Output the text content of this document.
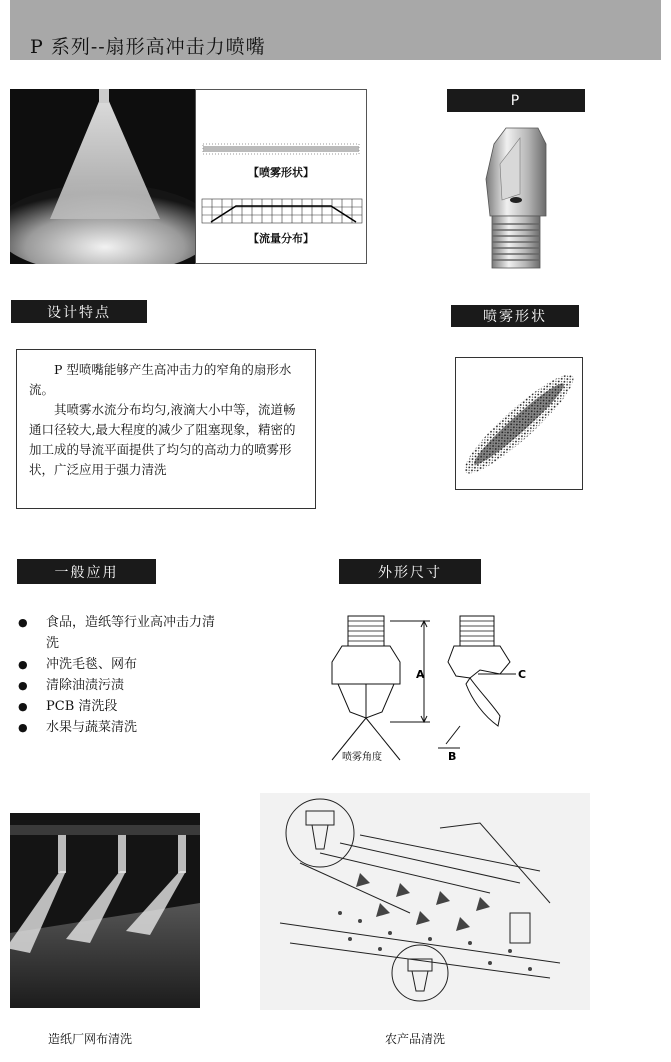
P 系列--扇形高冲击力喷嘴
【喷雾形状】
【流量分布】
P
设计特点

P 型喷嘴能够产生高冲击力的窄角的扇形水流。

其喷雾水流分布均匀,液滴大小中等，流道畅通口径较大,最大程度的减少了阻塞现象，精密的加工成的导流平面提供了均匀的高动力的喷雾形状，广泛应用于强力清洗

喷雾形状
一般应用
● 食品，造纸等行业高冲击力清洗
● 冲洗毛毯、网布
● 清除油渍污渍
● PCB 清洗段
● 水果与蔬菜清洗
外形尺寸
A	C
B
喷雾角度
造纸厂网布清洗	农产品清洗
